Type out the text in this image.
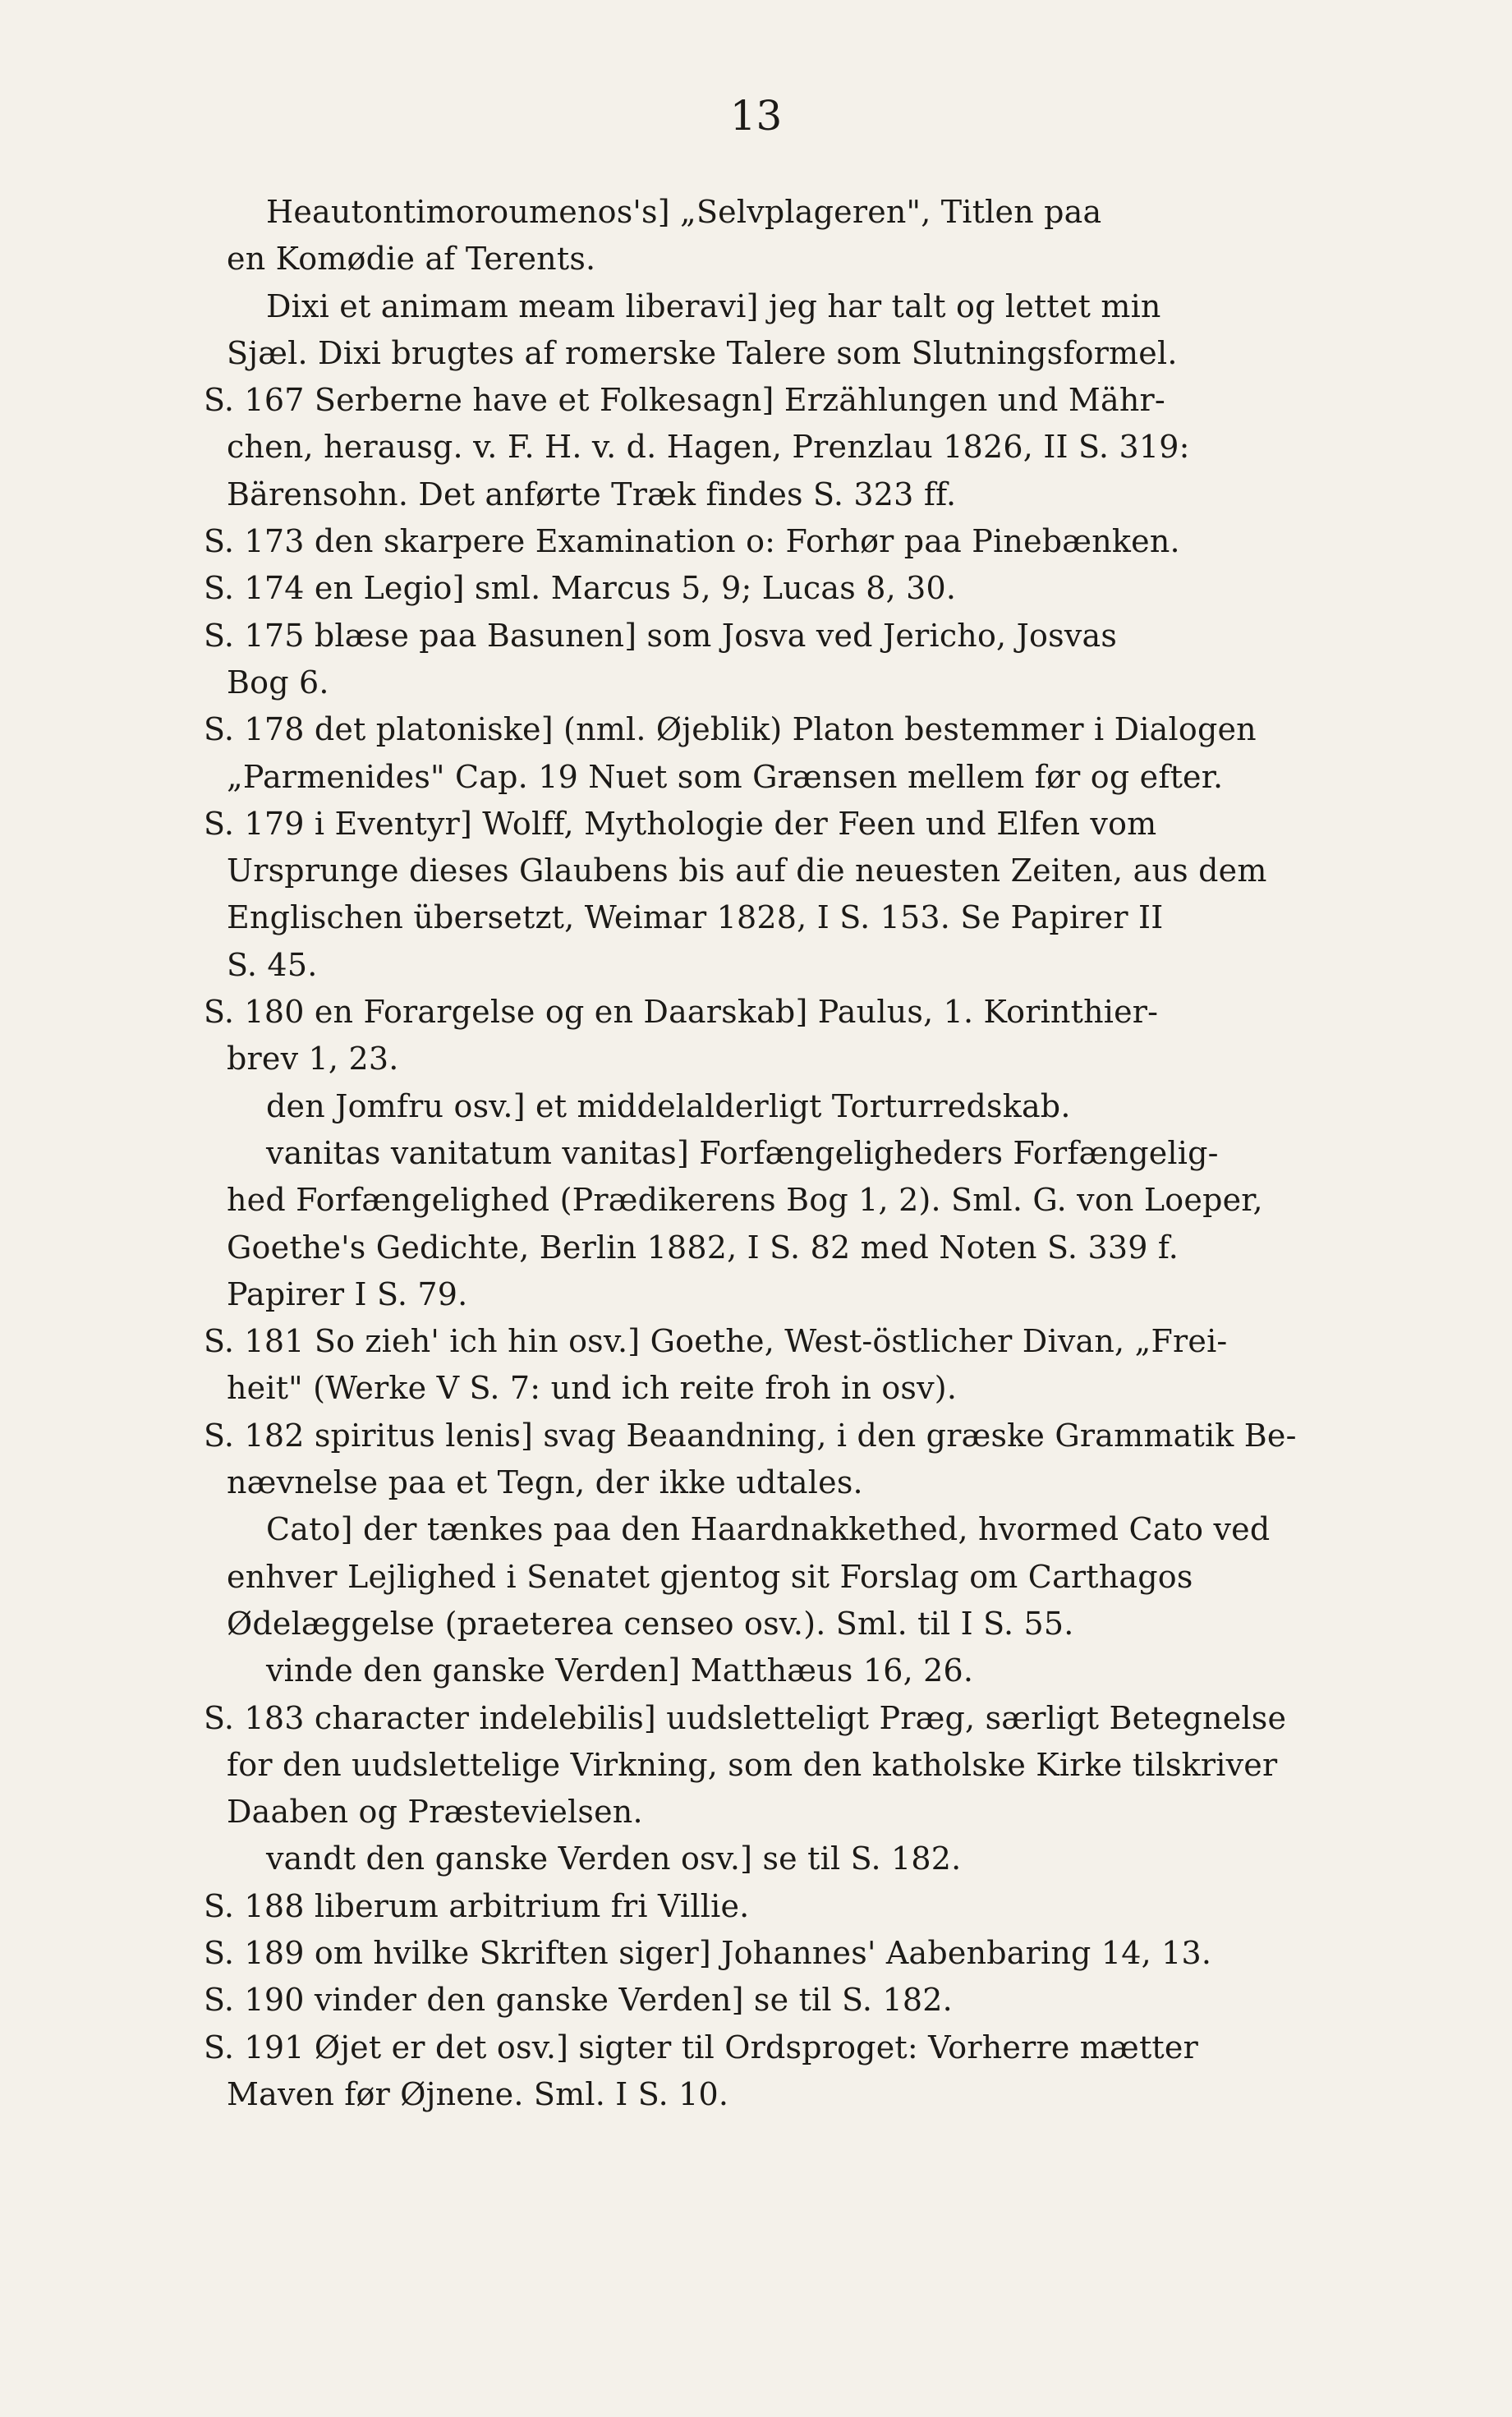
13
Heautontimoroumenos's] „Selvplageren", Titlen paa
en Komødie af Terents.
Dixi et animam meam liberavi] jeg har talt og lettet min
Sjæl. Dixi brugtes af romerske Talere som Slutningsformel.
S. 167 Serberne have et Folkesagn] Erzählungen und Mähr-
chen, herausg. v. F. H. v. d. Hagen, Prenzlau 1826, II S. 319:
Bärensohn. Det anførte Træk findes S. 323 ff.
S. 173 den skarpere Examination o: Forhør paa Pinebænken.
S. 174 en Legio] sml. Marcus 5, 9; Lucas 8, 30.
S. 175 blæse paa Basunen] som Josva ved Jericho, Josvas
Bog 6.
S. 178 det platoniske] (nml. Øjeblik) Platon bestemmer i Dialogen
„Parmenides" Cap. 19 Nuet som Grænsen mellem før og efter.
S. 179 i Eventyr] Wolff, Mythologie der Feen und Elfen vom
Ursprunge dieses Glaubens bis auf die neuesten Zeiten, aus dem
Englischen übersetzt, Weimar 1828, I S. 153. Se Papirer II
S. 45.
S. 180 en Forargelse og en Daarskab] Paulus, 1. Korinthier-
brev 1, 23.
den Jomfru osv.] et middelalderligt Torturredskab.
vanitas vanitatum vanitas] Forfængeligheders Forfængelig-
hed Forfængelighed (Prædikerens Bog 1, 2). Sml. G. von Loeper,
Goethe's Gedichte, Berlin 1882, I S. 82 med Noten S. 339 f.
Papirer I S. 79.
S. 181 So zieh' ich hin osv.] Goethe, West-östlicher Divan, „Frei-
heit" (Werke V S. 7: und ich reite froh in osv).
S. 182 spiritus lenis] svag Beaandning, i den græske Grammatik Be-
nævnelse paa et Tegn, der ikke udtales.
Cato] der tænkes paa den Haardnakkethed, hvormed Cato ved
enhver Lejlighed i Senatet gjentog sit Forslag om Carthagos
Ødelæggelse (praeterea censeo osv.). Sml. til I S. 55.
vinde den ganske Verden] Matthæus 16, 26.
S. 183 character indelebilis] uudsletteligt Præg, særligt Betegnelse
for den uudslettelige Virkning, som den katholske Kirke tilskriver
Daaben og Præstevielsen.
vandt den ganske Verden osv.] se til S. 182.
S. 188 liberum arbitrium fri Villie.
S. 189 om hvilke Skriften siger] Johannes' Aabenbaring 14, 13.
S. 190 vinder den ganske Verden] se til S. 182.
S. 191 Øjet er det osv.] sigter til Ordsproget: Vorherre mætter
Maven før Øjnene. Sml. I S. 10.
